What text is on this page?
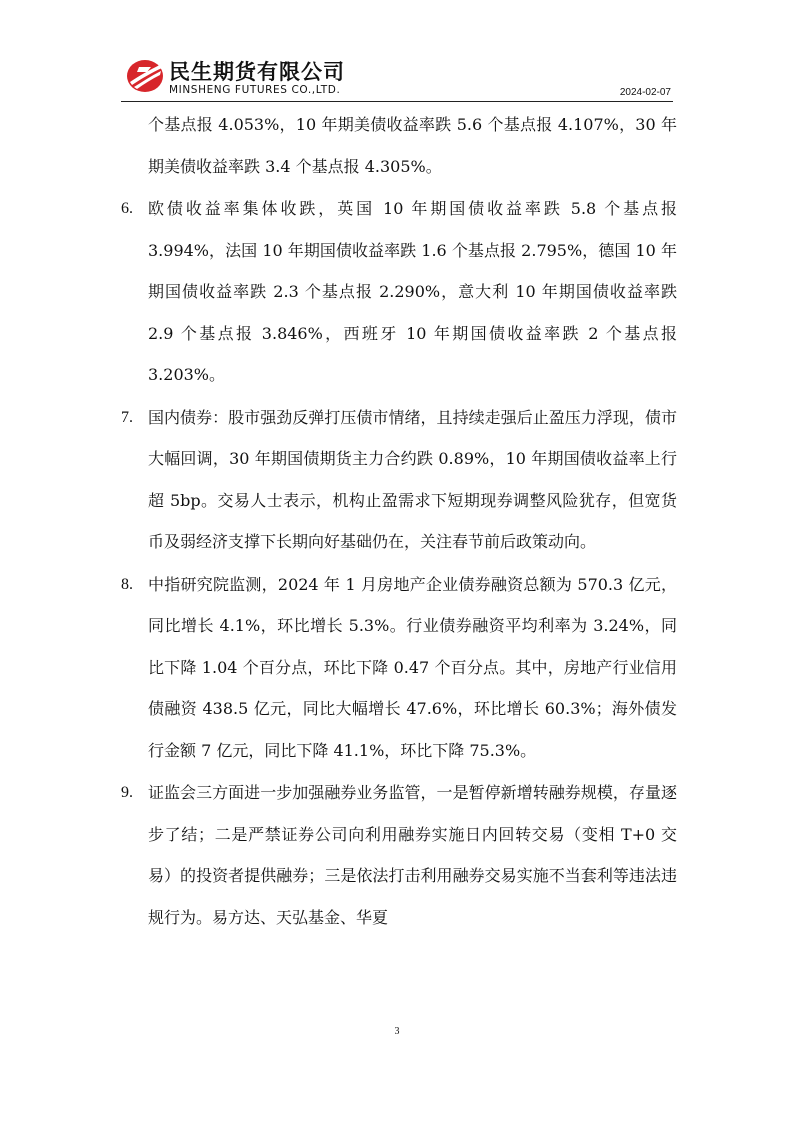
民生期货有限公司
MINSHENG FUTURES CO.,LTD.	2024-02-07

个基点报 4.053%，10 年期美债收益率跌 5.6 个基点报 4.107%，30 年期美债收益率跌 3.4 个基点报 4.305%。

6. 欧债收益率集体收跌，英国 10 年期国债收益率跌 5.8 个基点报 3.994%，法国 10 年期国债收益率跌 1.6 个基点报 2.795%，德国 10 年期国债收益率跌 2.3 个基点报 2.290%，意大利 10 年期国债收益率跌 2.9 个基点报 3.846%，西班牙 10 年期国债收益率跌 2 个基点报 3.203%。

7. 国内债券：股市强劲反弹打压债市情绪，且持续走强后止盈压力浮现，债市大幅回调，30 年期国债期货主力合约跌 0.89%，10 年期国债收益率上行超 5bp。交易人士表示，机构止盈需求下短期现券调整风险犹存，但宽货币及弱经济支撑下长期向好基础仍在，关注春节前后政策动向。

8. 中指研究院监测，2024 年 1 月房地产企业债券融资总额为 570.3 亿元，同比增长 4.1%，环比增长 5.3%。行业债券融资平均利率为 3.24%，同比下降 1.04 个百分点，环比下降 0.47 个百分点。其中，房地产行业信用债融资 438.5 亿元，同比大幅增长 47.6%，环比增长 60.3%；海外债发行金额 7 亿元，同比下降 41.1%，环比下降 75.3%。

9. 证监会三方面进一步加强融券业务监管，一是暂停新增转融券规模，存量逐步了结；二是严禁证券公司向利用融券实施日内回转交易（变相 T+0 交易）的投资者提供融券；三是依法打击利用融券交易实施不当套利等违法违规行为。易方达、天弘基金、华夏

3
